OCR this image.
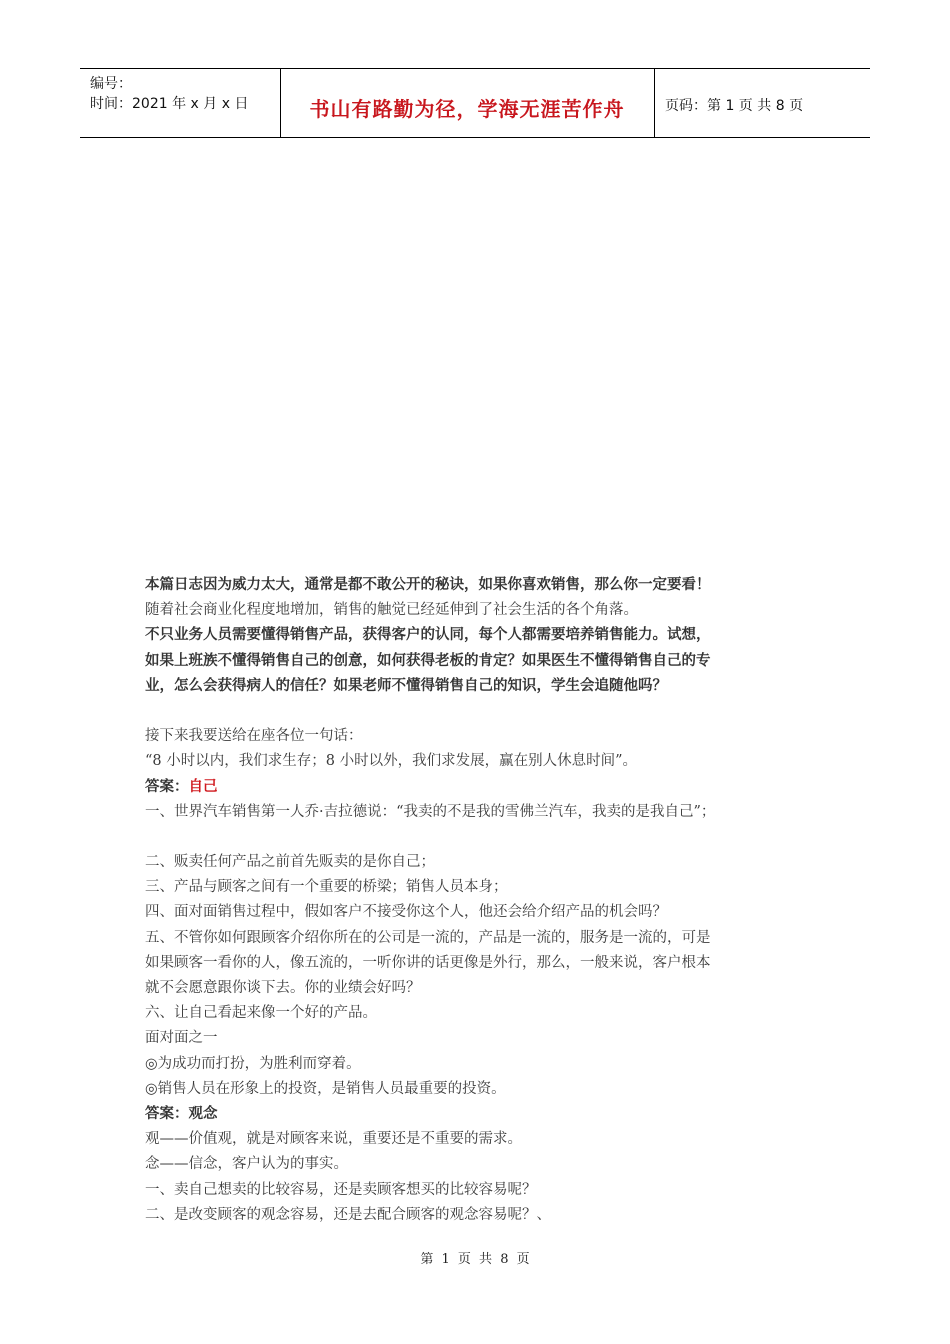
编号：
时间：2021 年 x 月 x 日	书山有路勤为径，学海无涯苦作舟	页码：第 1 页 共 8 页
本篇日志因为威力太大，通常是都不敢公开的秘诀，如果你喜欢销售，那么你一定要看！
随着社会商业化程度地增加，销售的触觉已经延伸到了社会生活的各个角落。
不只业务人员需要懂得销售产品，获得客户的认同，每个人都需要培养销售能力。试想，
如果上班族不懂得销售自己的创意，如何获得老板的肯定？如果医生不懂得销售自己的专
业，怎么会获得病人的信任？如果老师不懂得销售自己的知识，学生会追随他吗？
接下来我要送给在座各位一句话：
“8 小时以内，我们求生存；8 小时以外，我们求发展，赢在别人休息时间”。
答案：自己
一、世界汽车销售第一人乔·吉拉德说：“我卖的不是我的雪佛兰汽车，我卖的是我自己”；
二、贩卖任何产品之前首先贩卖的是你自己；
三、产品与顾客之间有一个重要的桥梁；销售人员本身；
四、面对面销售过程中，假如客户不接受你这个人，他还会给介绍产品的机会吗？
五、不管你如何跟顾客介绍你所在的公司是一流的，产品是一流的，服务是一流的，可是
如果顾客一看你的人，像五流的，一听你讲的话更像是外行，那么，一般来说，客户根本
就不会愿意跟你谈下去。你的业绩会好吗？
六、让自己看起来像一个好的产品。
面对面之一
◎为成功而打扮，为胜利而穿着。
◎销售人员在形象上的投资，是销售人员最重要的投资。
答案：观念
观——价值观，就是对顾客来说，重要还是不重要的需求。
念——信念，客户认为的事实。
一、卖自己想卖的比较容易，还是卖顾客想买的比较容易呢？
二、是改变顾客的观念容易，还是去配合顾客的观念容易呢？、
第 1 页 共 8 页
